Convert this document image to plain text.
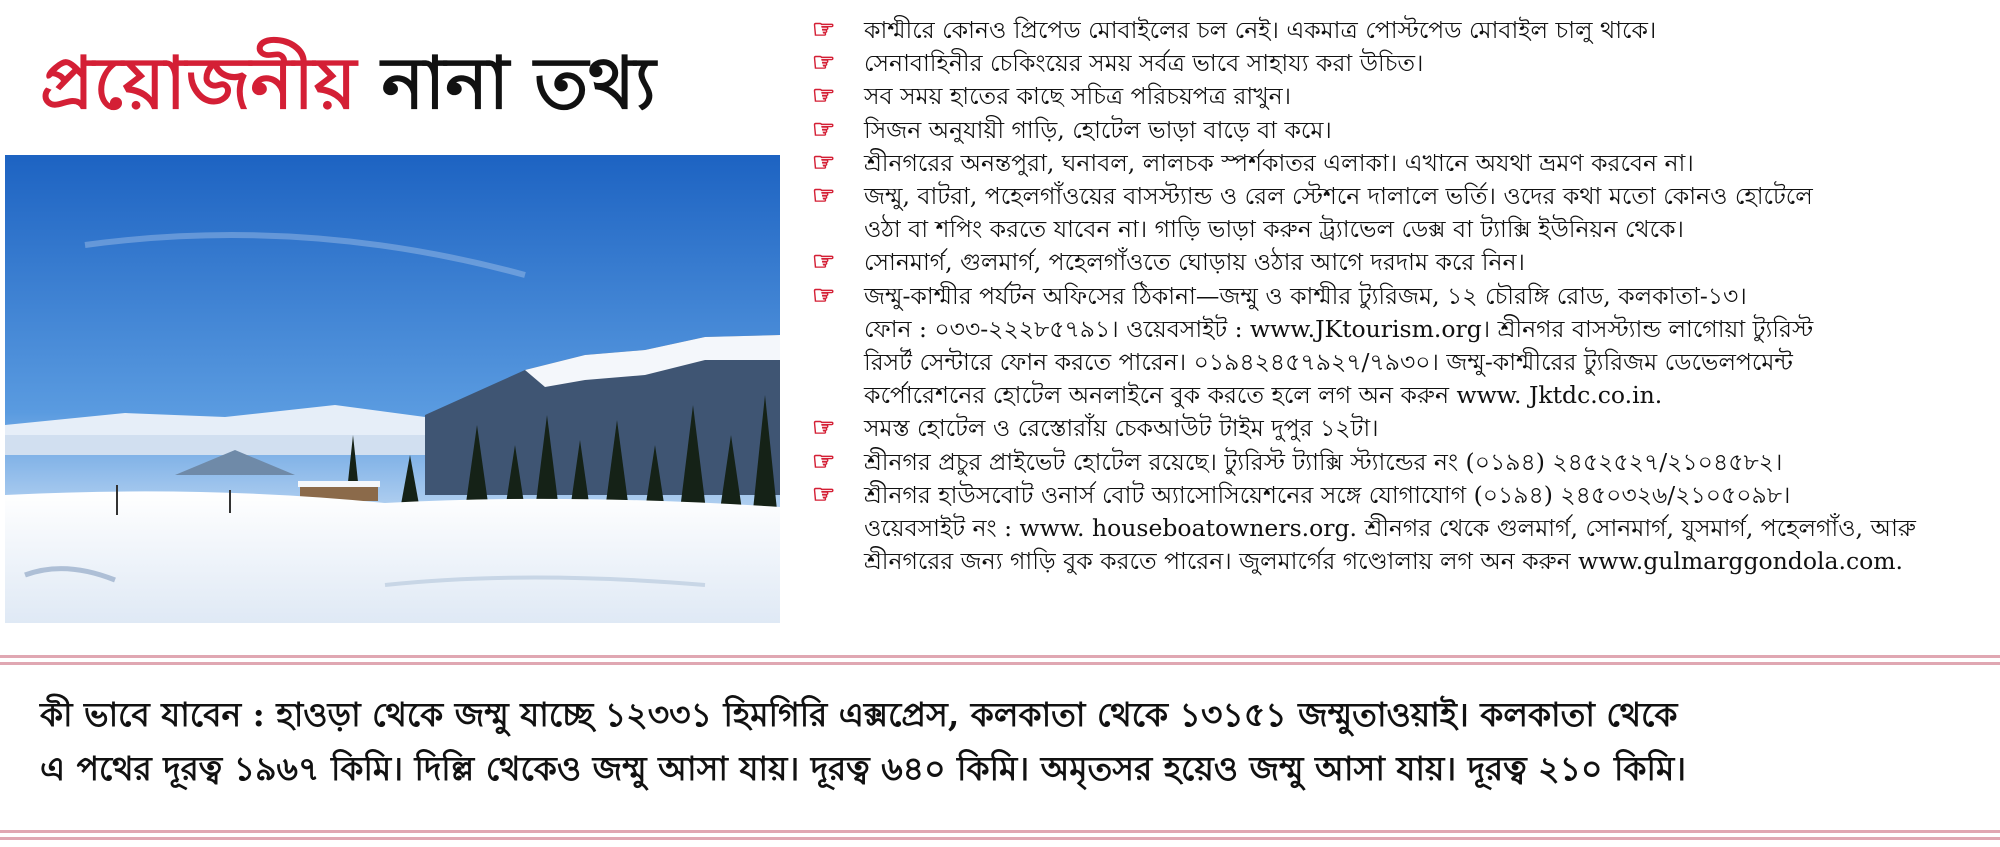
প্রয়োজনীয় নানা তথ্য
☞ কাশ্মীরে কোনও প্রিপেড মোবাইলের চল নেই। একমাত্র পোস্টপেড মোবাইল চালু থাকে।
☞ সেনাবাহিনীর চেকিংয়ের সময় সর্বত্র ভাবে সাহায্য করা উচিত।
☞ সব সময় হাতের কাছে সচিত্র পরিচয়পত্র রাখুন।
☞ সিজন অনুযায়ী গাড়ি, হোটেল ভাড়া বাড়ে বা কমে।
☞ শ্রীনগরের অনন্তপুরা, ঘনাবল, লালচক স্পর্শকাতর এলাকা। এখানে অযথা ভ্রমণ করবেন না।
☞ জম্মু, বাটরা, পহেলগাঁওয়ের বাসস্ট্যান্ড ও রেল স্টেশনে দালালে ভর্তি। ওদের কথা মতো কোনও হোটেলে
ওঠা বা শপিং করতে যাবেন না। গাড়ি ভাড়া করুন ট্র্যাভেল ডেক্স বা ট্যাক্সি ইউনিয়ন থেকে।
☞ সোনমার্গ, গুলমার্গ, পহেলগাঁওতে ঘোড়ায় ওঠার আগে দরদাম করে নিন।
☞ জম্মু-কাশ্মীর পর্যটন অফিসের ঠিকানা—জম্মু ও কাশ্মীর ট্যুরিজম, ১২ চৌরঙ্গি রোড, কলকাতা-১৩।
ফোন : ০৩৩-২২২৮৫৭৯১। ওয়েবসাইট : www.JKtourism.org। শ্রীনগর বাসস্ট্যান্ড লাগোয়া ট্যুরিস্ট
রিসর্ট সেন্টারে ফোন করতে পারেন। ০১৯৪২৪৫৭৯২৭/৭৯৩০। জম্মু-কাশ্মীরের ট্যুরিজম ডেভেলপমেন্ট
কর্পোরেশনের হোটেল অনলাইনে বুক করতে হলে লগ অন করুন www. Jktdc.co.in.
☞ সমস্ত হোটেল ও রেস্তোরাঁয় চেকআউট টাইম দুপুর ১২টা।
☞ শ্রীনগর প্রচুর প্রাইভেট হোটেল রয়েছে। ট্যুরিস্ট ট্যাক্সি স্ট্যান্ডের নং (০১৯৪) ২৪৫২৫২৭/২১০৪৫৮২।
☞ শ্রীনগর হাউসবোট ওনার্স বোট অ্যাসোসিয়েশনের সঙ্গে যোগাযোগ (০১৯৪) ২৪৫০৩২৬/২১০৫০৯৮।
ওয়েবসাইট নং : www. houseboatowners.org. শ্রীনগর থেকে গুলমার্গ, সোনমার্গ, যুসমার্গ, পহেলগাঁও, আরু
শ্রীনগরের জন্য গাড়ি বুক করতে পারেন। জুলমার্গের গণ্ডোলায় লগ অন করুন www.gulmarggondola.com.

কী ভাবে যাবেন : হাওড়া থেকে জম্মু যাচ্ছে ১২৩৩১ হিমগিরি এক্সপ্রেস, কলকাতা থেকে ১৩১৫১ জম্মুতাওয়াই। কলকাতা থেকে

এ পথের দূরত্ব ১৯৬৭ কিমি। দিল্লি থেকেও জম্মু আসা যায়। দূরত্ব ৬৪০ কিমি। অমৃতসর হয়েও জম্মু আসা যায়। দূরত্ব ২১০ কিমি।
